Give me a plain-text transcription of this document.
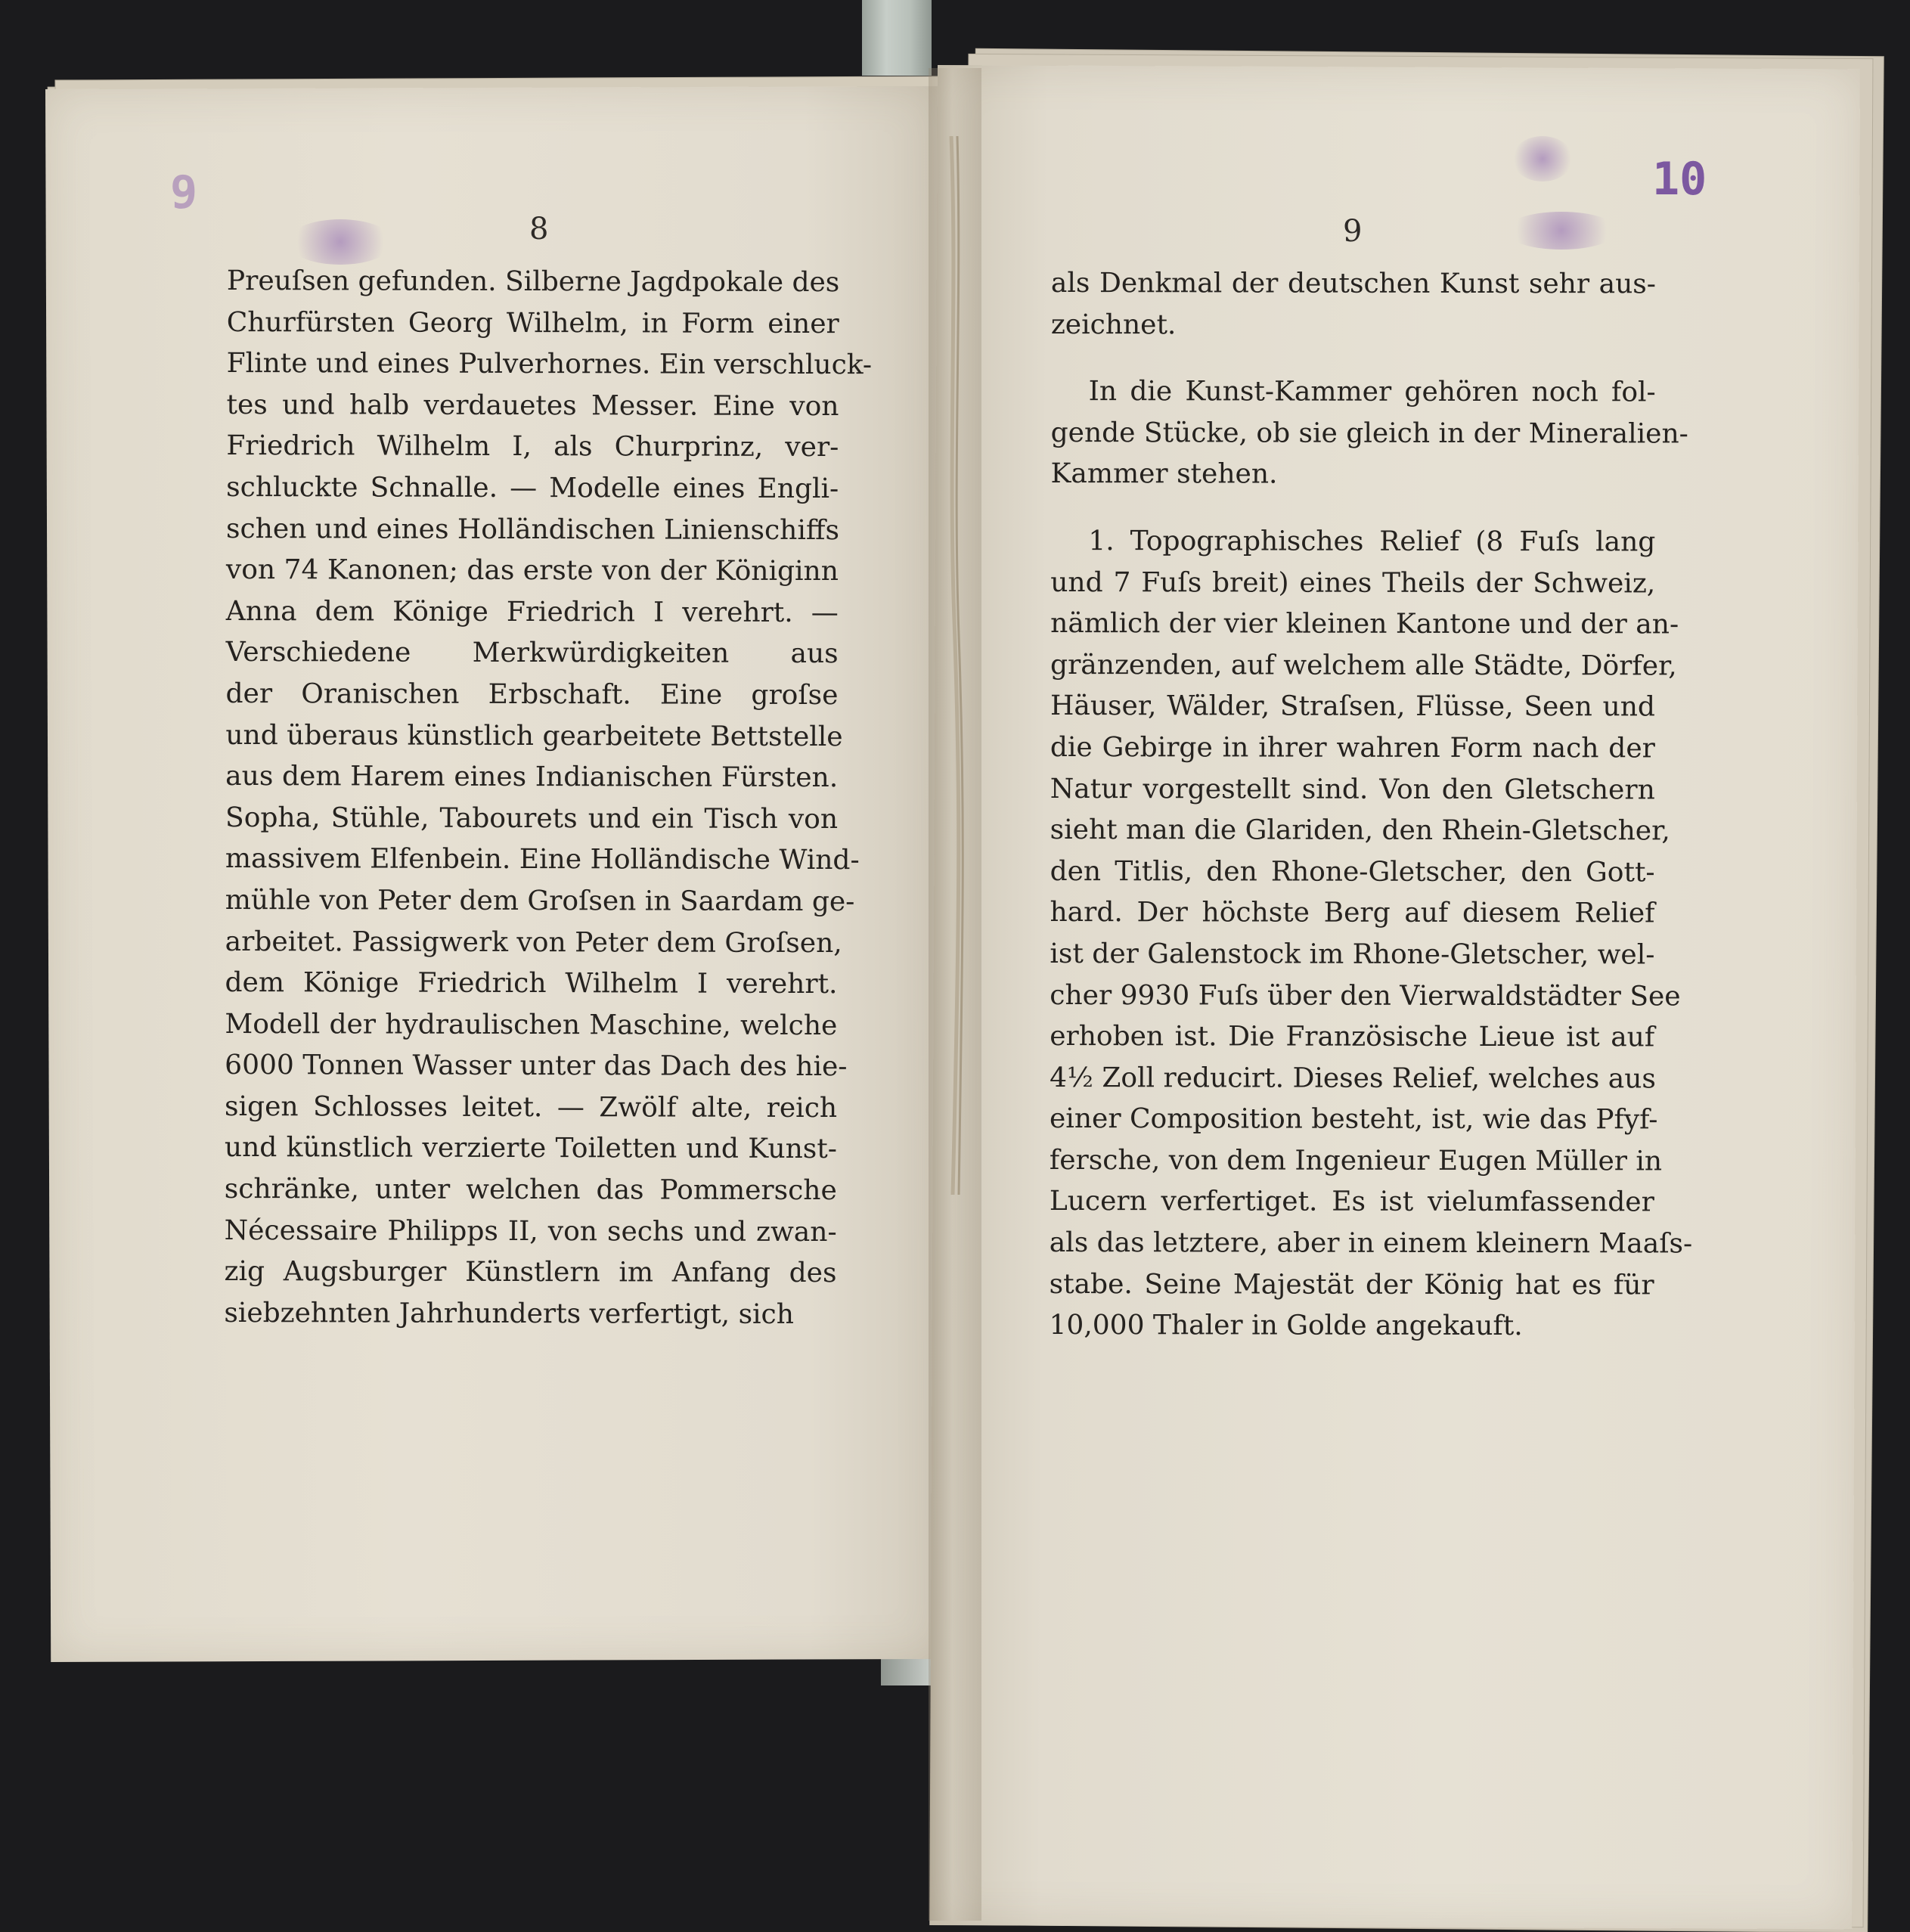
9	10
8	9
Preuſsen gefunden. Silberne Jagdpokale des
Churfürsten Georg Wilhelm, in Form einer
Flinte und eines Pulverhornes. Ein verschluck-
tes und halb verdauetes Messer. Eine von
Friedrich Wilhelm I, als Churprinz, ver-
schluckte Schnalle. — Modelle eines Engli-
schen und eines Holländischen Linienschiffs
von 74 Kanonen; das erste von der Königinn
Anna dem Könige Friedrich I verehrt. —
Verschiedene Merkwürdigkeiten aus
der Oranischen Erbschaft. Eine groſse
und überaus künstlich gearbeitete Bettstelle
aus dem Harem eines Indianischen Fürsten.
Sopha, Stühle, Tabourets und ein Tisch von
massivem Elfenbein. Eine Holländische Wind-
mühle von Peter dem Groſsen in Saardam ge-
arbeitet. Passigwerk von Peter dem Groſsen,
dem Könige Friedrich Wilhelm I verehrt.
Modell der hydraulischen Maschine, welche
6000 Tonnen Wasser unter das Dach des hie-
sigen Schlosses leitet. — Zwölf alte, reich
und künstlich verzierte Toiletten und Kunst-
schränke, unter welchen das Pommersche
Nécessaire Philipps II, von sechs und zwan-
zig Augsburger Künstlern im Anfang des
siebzehnten Jahrhunderts verfertigt, sich
als Denkmal der deutschen Kunst sehr aus-
zeichnet.
In die Kunst-Kammer gehören noch fol-
gende Stücke, ob sie gleich in der Mineralien-
Kammer stehen.
1. Topographisches Relief (8 Fuſs lang
und 7 Fuſs breit) eines Theils der Schweiz,
nämlich der vier kleinen Kantone und der an-
gränzenden, auf welchem alle Städte, Dörfer,
Häuser, Wälder, Straſsen, Flüsse, Seen und
die Gebirge in ihrer wahren Form nach der
Natur vorgestellt sind. Von den Gletschern
sieht man die Glariden, den Rhein-Gletscher,
den Titlis, den Rhone-Gletscher, den Gott-
hard. Der höchste Berg auf diesem Relief
ist der Galenstock im Rhone-Gletscher, wel-
cher 9930 Fuſs über den Vierwaldstädter See
erhoben ist. Die Französische Lieue ist auf
4½ Zoll reducirt. Dieses Relief, welches aus
einer Composition besteht, ist, wie das Pfyf-
fersche, von dem Ingenieur Eugen Müller in
Lucern verfertiget. Es ist vielumfassender
als das letztere, aber in einem kleinern Maaſs-
stabe. Seine Majestät der König hat es für
10,000 Thaler in Golde angekauft.
